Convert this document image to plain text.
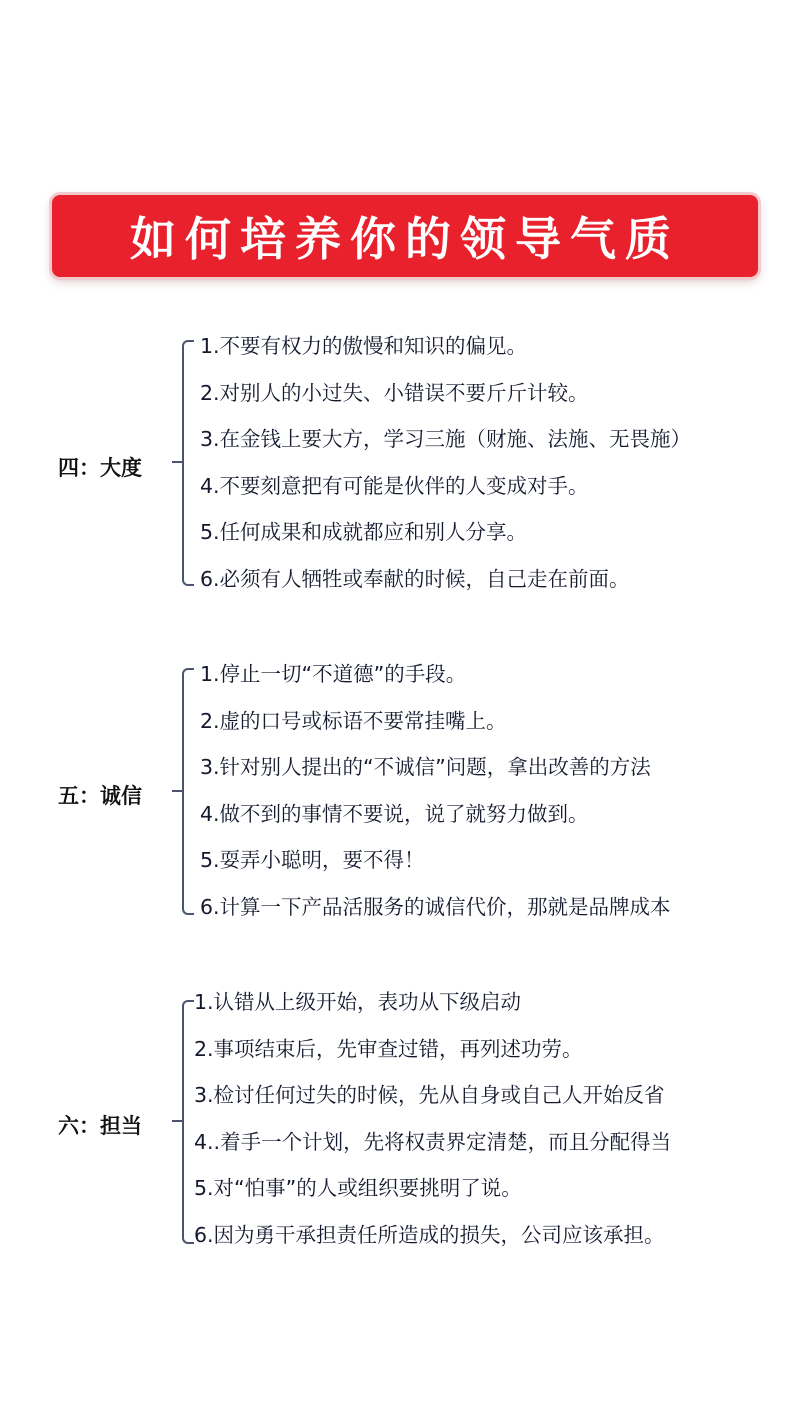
如何培养你的领导气质
四：大度
1.不要有权力的傲慢和知识的偏见。
2.对别人的小过失、小错误不要斤斤计较。
3.在金钱上要大方，学习三施（财施、法施、无畏施）
4.不要刻意把有可能是伙伴的人变成对手。
5.任何成果和成就都应和别人分享。
6.必须有人牺牲或奉献的时候，自己走在前面。
五：诚信
1.停止一切“不道德”的手段。
2.虚的口号或标语不要常挂嘴上。
3.针对别人提出的“不诚信”问题，拿出改善的方法
4.做不到的事情不要说，说了就努力做到。
5.耍弄小聪明，要不得！
6.计算一下产品活服务的诚信代价，那就是品牌成本
六：担当
1.认错从上级开始，表功从下级启动
2.事项结束后，先审查过错，再列述功劳。
3.检讨任何过失的时候，先从自身或自己人开始反省
4..着手一个计划，先将权责界定清楚，而且分配得当
5.对“怕事”的人或组织要挑明了说。
6.因为勇干承担责任所造成的损失，公司应该承担。
